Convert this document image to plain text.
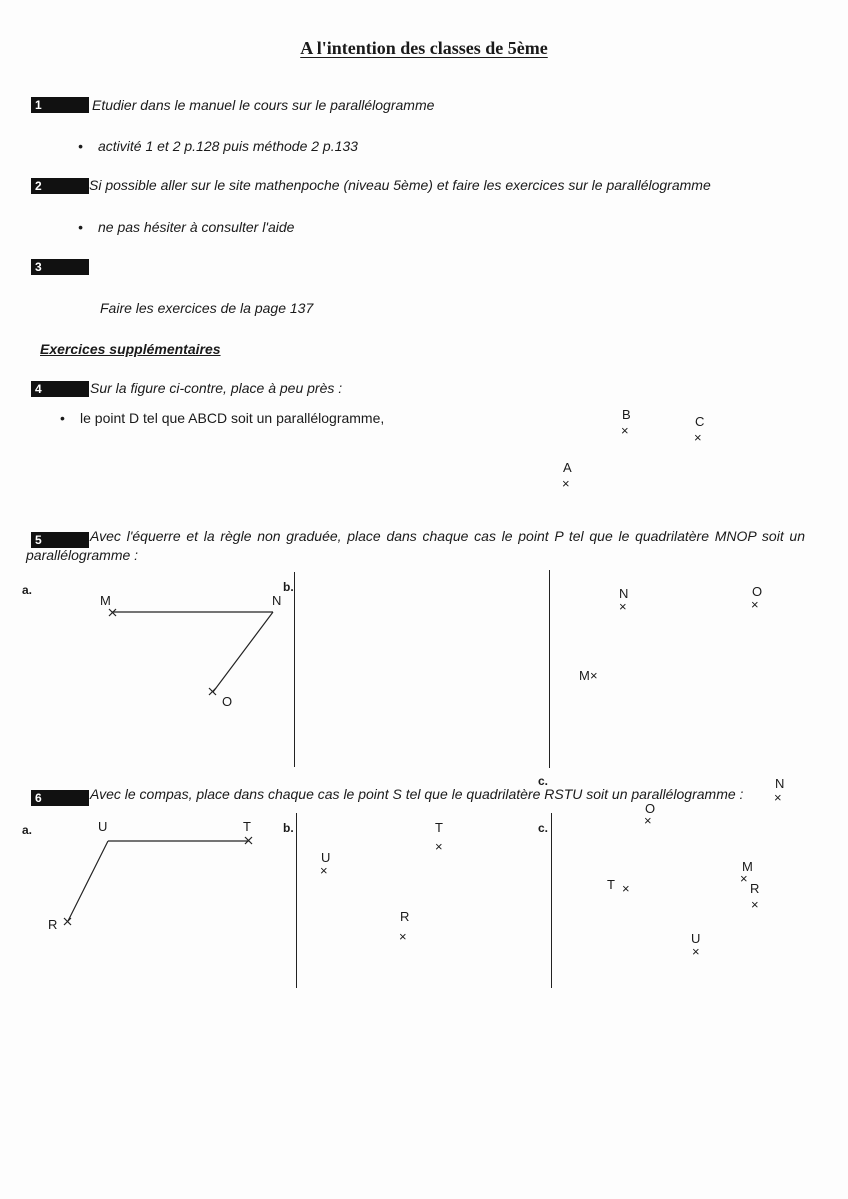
A l'intention des classes de 5ème
1	Etudier dans le manuel le cours sur le parallélogramme
• activité 1 et 2 p.128 puis méthode 2 p.133
2	Si possible aller sur le site mathenpoche (niveau 5ème) et faire les exercices sur le parallélogramme
• ne pas hésiter à consulter l'aide
3
Faire les exercices de la page 137
Exercices supplémentaires
4	Sur la figure ci-contre, place à peu près :
• le point D tel que ABCD soit un parallélogramme,	B
×
C
×
A
×
5	Avec l'équerre et la règle non graduée, place dans chaque cas le point P tel que le quadrilatère MNOP soit un
parallélogramme :
a.
M	N
O
b.	N
×
O
×
M ×
c.	N
×
6	Avec le compas, place dans chaque cas le point S tel que le quadrilatère RSTU soit un parallélogramme :
a.	U	T
R
b.	T
×
U
×
R
×
c.
O
×
T ×
M
×
R
×
U
×
